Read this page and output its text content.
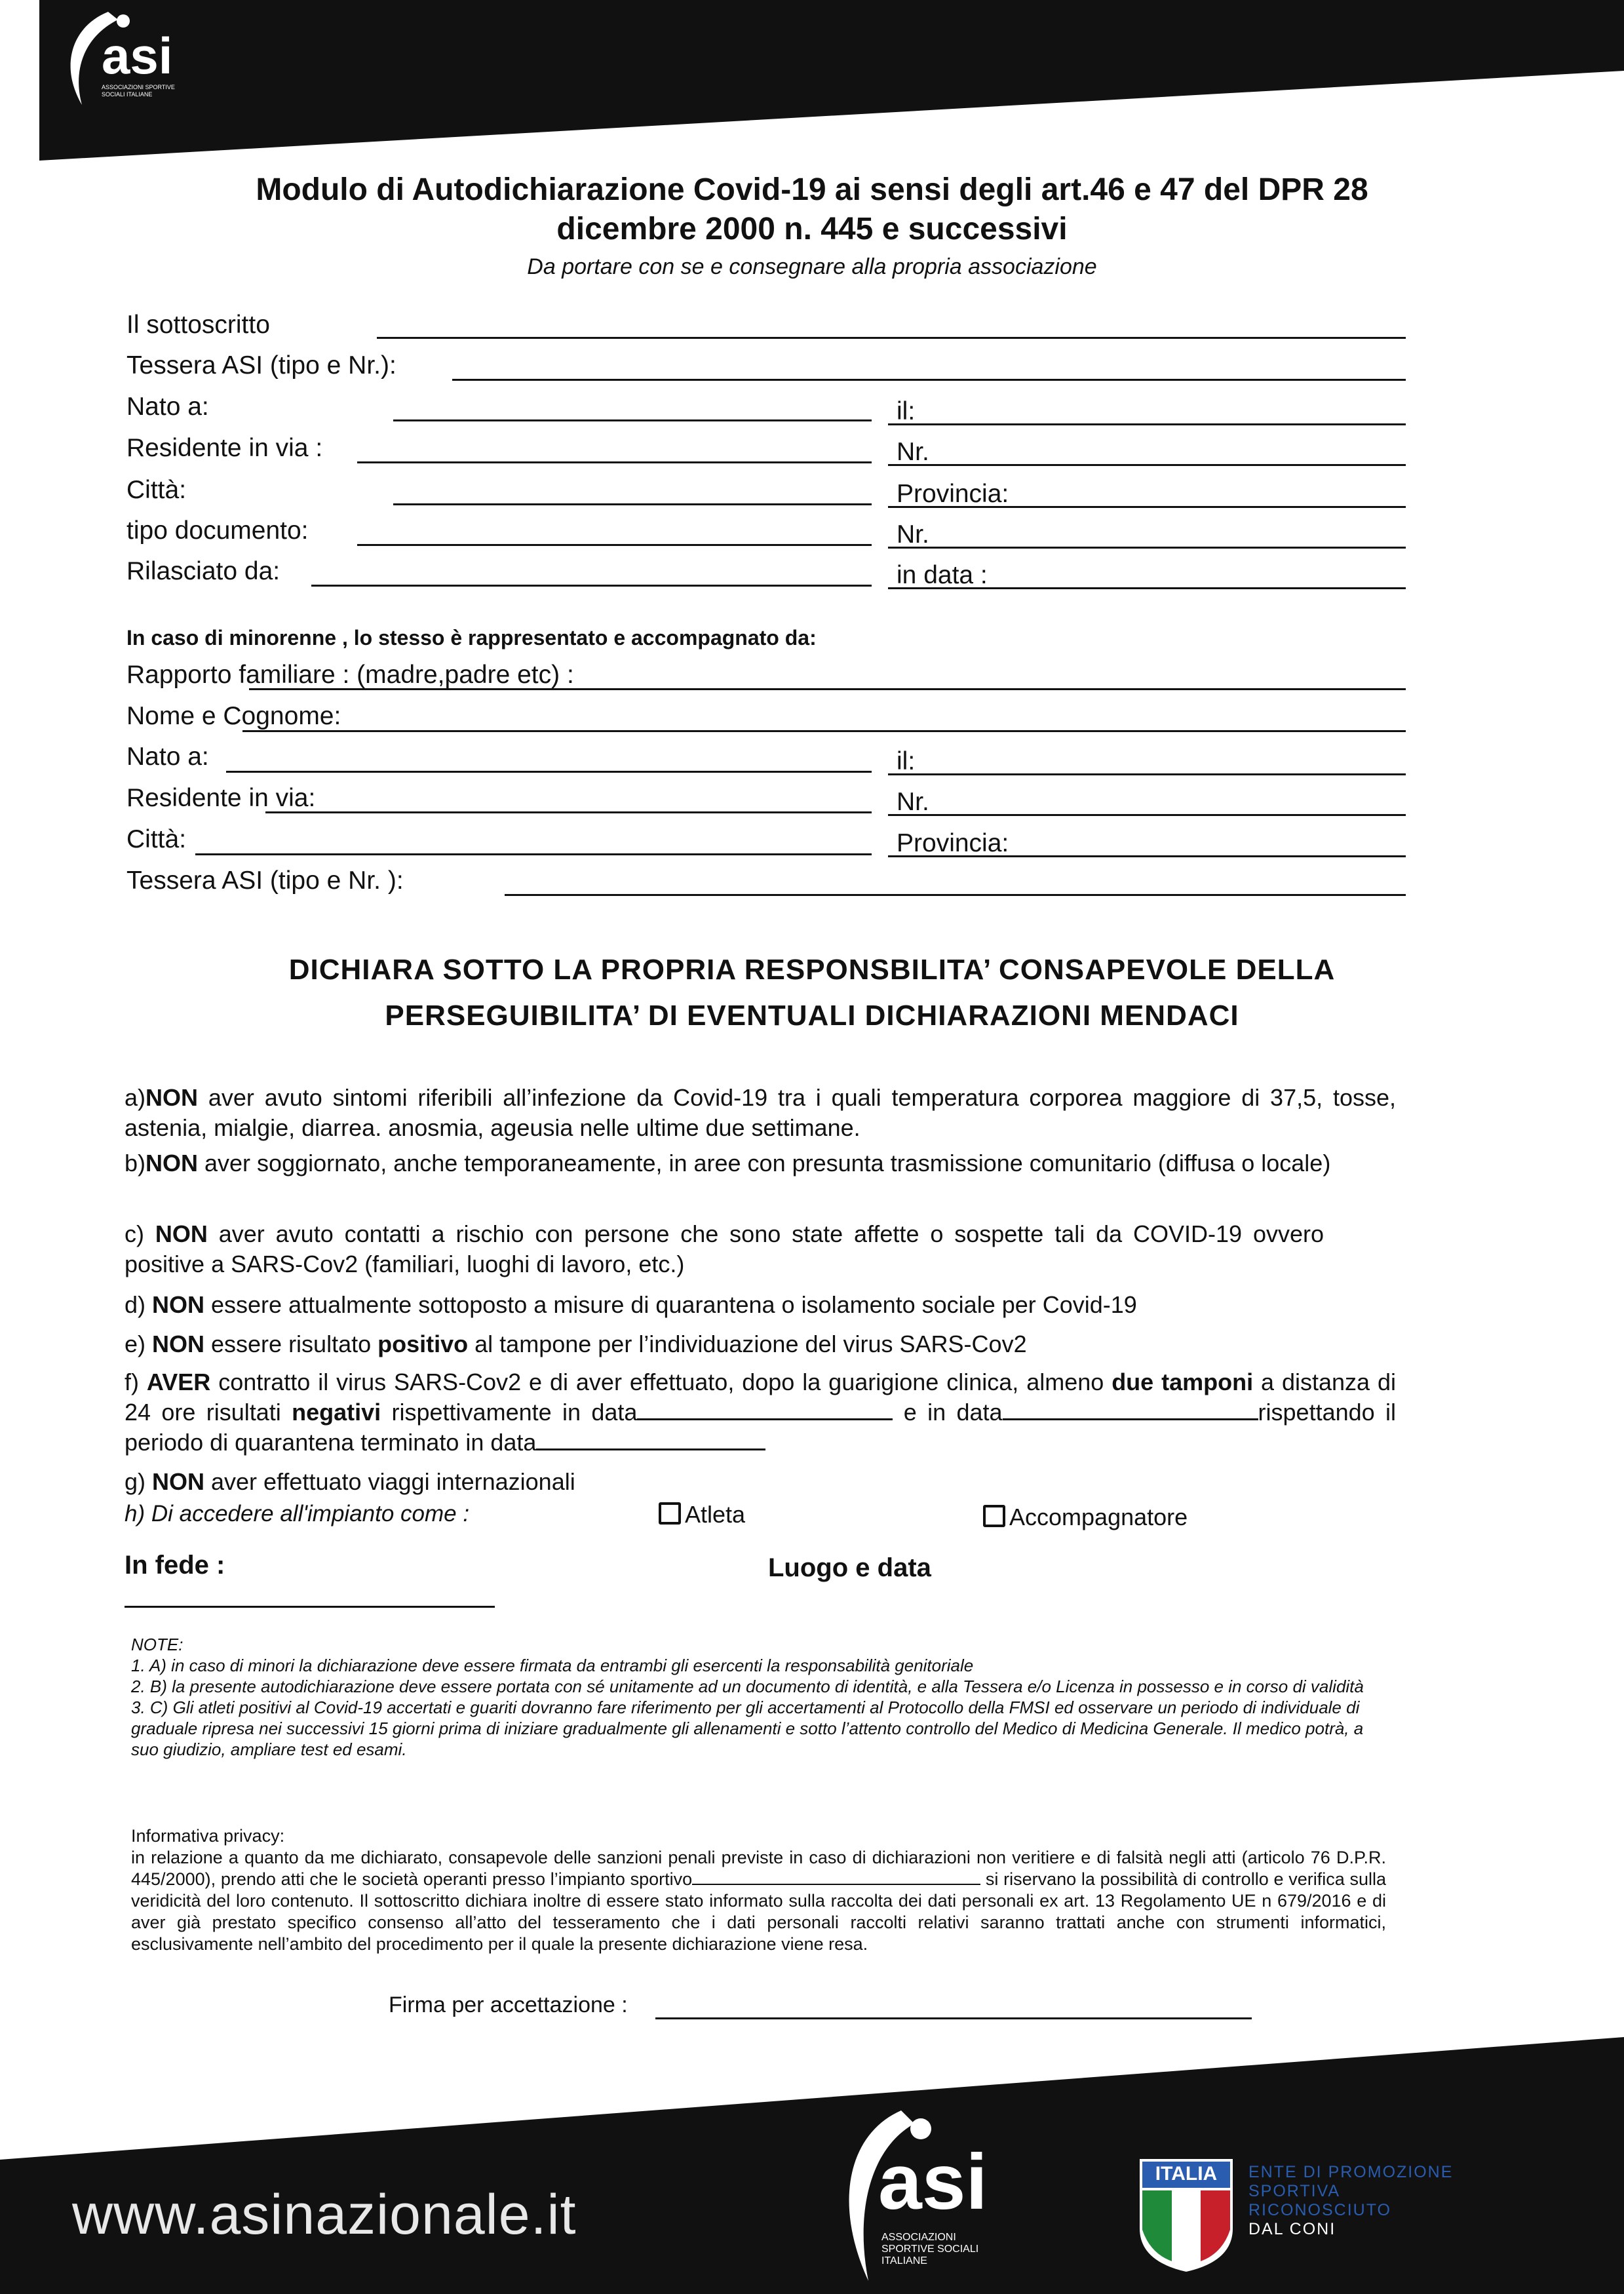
asi
ASSOCIAZIONI SPORTIVE SOCIALI ITALIANE
Modulo di Autodichiarazione Covid-19 ai sensi degli art.46 e 47 del DPR 28
dicembre 2000 n. 445 e successivi
Da portare con se e consegnare alla propria associazione
Il sottoscritto
Tessera ASI (tipo e Nr.):
Nato a:	il:
Residente in via :	Nr.
Città:	Provincia:
tipo documento:	Nr.
Rilasciato da:	in data :
In caso di minorenne , lo stesso è rappresentato e accompagnato da:
Rapporto familiare : (madre,padre etc) :
Nome e Cognome:
Nato a:	il:
Residente in via:	Nr.
Città:	Provincia:
Tessera ASI (tipo e Nr. ):
DICHIARA SOTTO LA PROPRIA RESPONSBILITA’ CONSAPEVOLE DELLA
PERSEGUIBILITA’ DI EVENTUALI DICHIARAZIONI MENDACI
a)NON aver avuto sintomi riferibili all’infezione da Covid-19 tra i quali temperatura corporea maggiore di 37,5, tosse, astenia, mialgie, diarrea. anosmia, ageusia nelle ultime due settimane.
b)NON aver soggiornato, anche temporaneamente, in aree con presunta trasmissione comunitario (diffusa o locale)
c) NON aver avuto contatti a rischio con persone che sono state affette o sospette tali da COVID-19 ovvero positive a SARS-Cov2 (familiari, luoghi di lavoro, etc.)
d) NON essere attualmente sottoposto a misure di quarantena o isolamento sociale per Covid-19
e) NON essere risultato positivo al tampone per l’individuazione del virus SARS-Cov2
f) AVER contratto il virus SARS-Cov2 e di aver effettuato, dopo la guarigione clinica, almeno due tamponi a distanza di 24 ore risultati negativi rispettivamente in data	e in data	rispettando il periodo di quarantena terminato in data
g) NON aver effettuato viaggi internazionali
h) Di accedere all'impianto come :	Atleta	Accompagnatore
In fede :	Luogo e data
NOTE:
1. A) in caso di minori la dichiarazione deve essere firmata da entrambi gli esercenti la responsabilità genitoriale
2. B) la presente autodichiarazione deve essere portata con sé unitamente ad un documento di identità, e alla Tessera e/o Licenza in possesso e in corso di validità
3. C) Gli atleti positivi al Covid-19 accertati e guariti dovranno fare riferimento per gli accertamenti al Protocollo della FMSI ed osservare un periodo di individuale di graduale ripresa nei successivi 15 giorni prima di iniziare gradualmente gli allenamenti e sotto l’attento controllo del Medico di Medicina Generale. Il medico potrà, a suo giudizio, ampliare test ed esami.
Informativa privacy:
in relazione a quanto da me dichiarato, consapevole delle sanzioni penali previste in caso di dichiarazioni non veritiere e di falsità negli atti (articolo 76 D.P.R. 445/2000), prendo atti che le società operanti presso l’impianto sportivo	si riservano la possibilità di controllo e verifica sulla veridicità del loro contenuto. Il sottoscritto dichiara inoltre di essere stato informato sulla raccolta dei dati personali ex art. 13 Regolamento UE n 679/2016 e di aver già prestato specifico consenso all’atto del tesseramento che i dati personali raccolti relativi saranno trattati anche con strumenti informatici, esclusivamente nell’ambito del procedimento per il quale la presente dichiarazione viene resa.
Firma per accettazione :
www.asinazionale.it	asi
ASSOCIAZIONI SPORTIVE SOCIALI ITALIANE
ITALIA	ENTE DI PROMOZIONE
SPORTIVA
RICONOSCIUTO
DAL CONI
